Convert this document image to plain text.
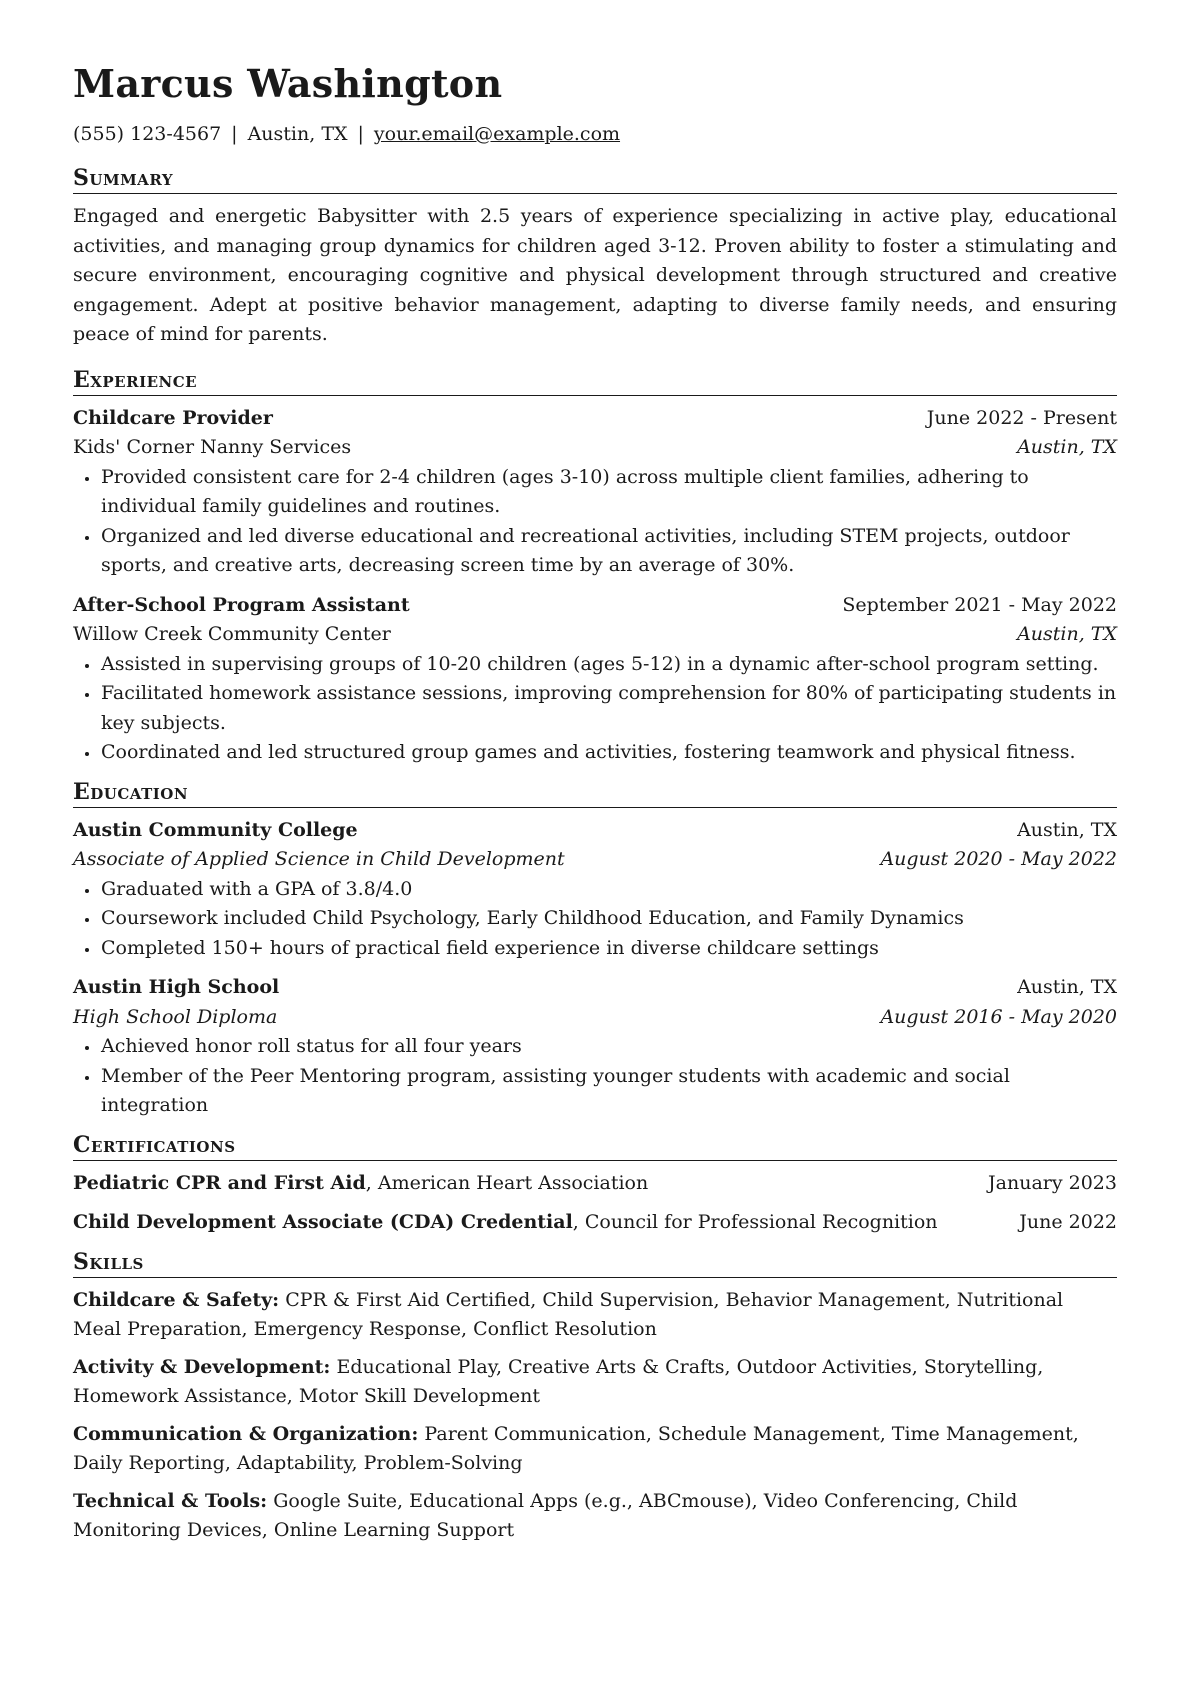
Marcus Washington
(555) 123-4567 | Austin, TX | your.email@example.com
Summary

Engaged and energetic Babysitter with 2.5 years of experience specializing in active play, educational activities, and managing group dynamics for children aged 3-12. Proven ability to foster a stimulating and secure environment, encouraging cognitive and physical development through structured and creative engagement. Adept at positive behavior management, adapting to diverse family needs, and ensuring peace of mind for parents.

Experience
Childcare Provider	June 2022 - Present
Kids' Corner Nanny Services	Austin, TX
• Provided consistent care for 2-4 children (ages 3-10) across multiple client families, adhering to individual family guidelines and routines.
• Organized and led diverse educational and recreational activities, including STEM projects, outdoor sports, and creative arts, decreasing screen time by an average of 30%.
After-School Program Assistant	September 2021 - May 2022
Willow Creek Community Center	Austin, TX
• Assisted in supervising groups of 10-20 children (ages 5-12) in a dynamic after-school program setting.
• Facilitated homework assistance sessions, improving comprehension for 80% of participating students in key subjects.
• Coordinated and led structured group games and activities, fostering teamwork and physical fitness.
Education
Austin Community College	Austin, TX
Associate of Applied Science in Child Development	August 2020 - May 2022
• Graduated with a GPA of 3.8/4.0
• Coursework included Child Psychology, Early Childhood Education, and Family Dynamics
• Completed 150+ hours of practical field experience in diverse childcare settings
Austin High School	Austin, TX
High School Diploma	August 2016 - May 2020
• Achieved honor roll status for all four years
• Member of the Peer Mentoring program, assisting younger students with academic and social integration
Certifications
Pediatric CPR and First Aid, American Heart Association	January 2023
Child Development Associate (CDA) Credential, Council for Professional Recognition	June 2022
Skills
Childcare & Safety: CPR & First Aid Certified, Child Supervision, Behavior Management, Nutritional Meal Preparation, Emergency Response, Conflict Resolution
Activity & Development: Educational Play, Creative Arts & Crafts, Outdoor Activities, Storytelling, Homework Assistance, Motor Skill Development
Communication & Organization: Parent Communication, Schedule Management, Time Management, Daily Reporting, Adaptability, Problem-Solving
Technical & Tools: Google Suite, Educational Apps (e.g., ABCmouse), Video Conferencing, Child Monitoring Devices, Online Learning Support
